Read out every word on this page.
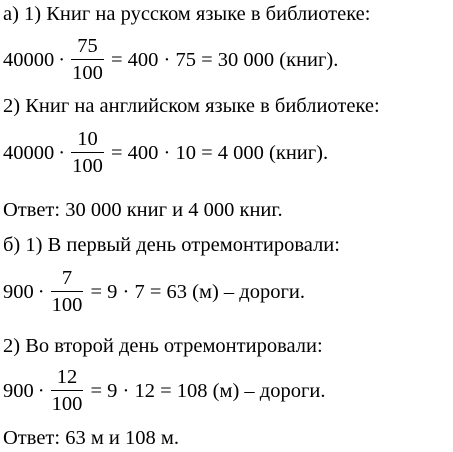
а) 1) Книг на русском языке в библиотеке:
$40000 \cdot \frac{75}{100} = 400 \cdot 75 = 30$ 000 (книг).
2) Книг на английском языке в библиотеке:
$40000 \cdot \frac{10}{100} = 400 \cdot 10 = 4$ 000 (книг).
Ответ: 30 000 книг и 4 000 книг.
б) 1) В первый день отремонтировали:
$900 \cdot \frac{7}{100} = 9 \cdot 7 = 63$ (м) – дороги.
2) Во второй день отремонтировали:
$900 \cdot \frac{12}{100} = 9 \cdot 12 = 108$ (м) – дороги.
Ответ: 63 м и 108 м.
